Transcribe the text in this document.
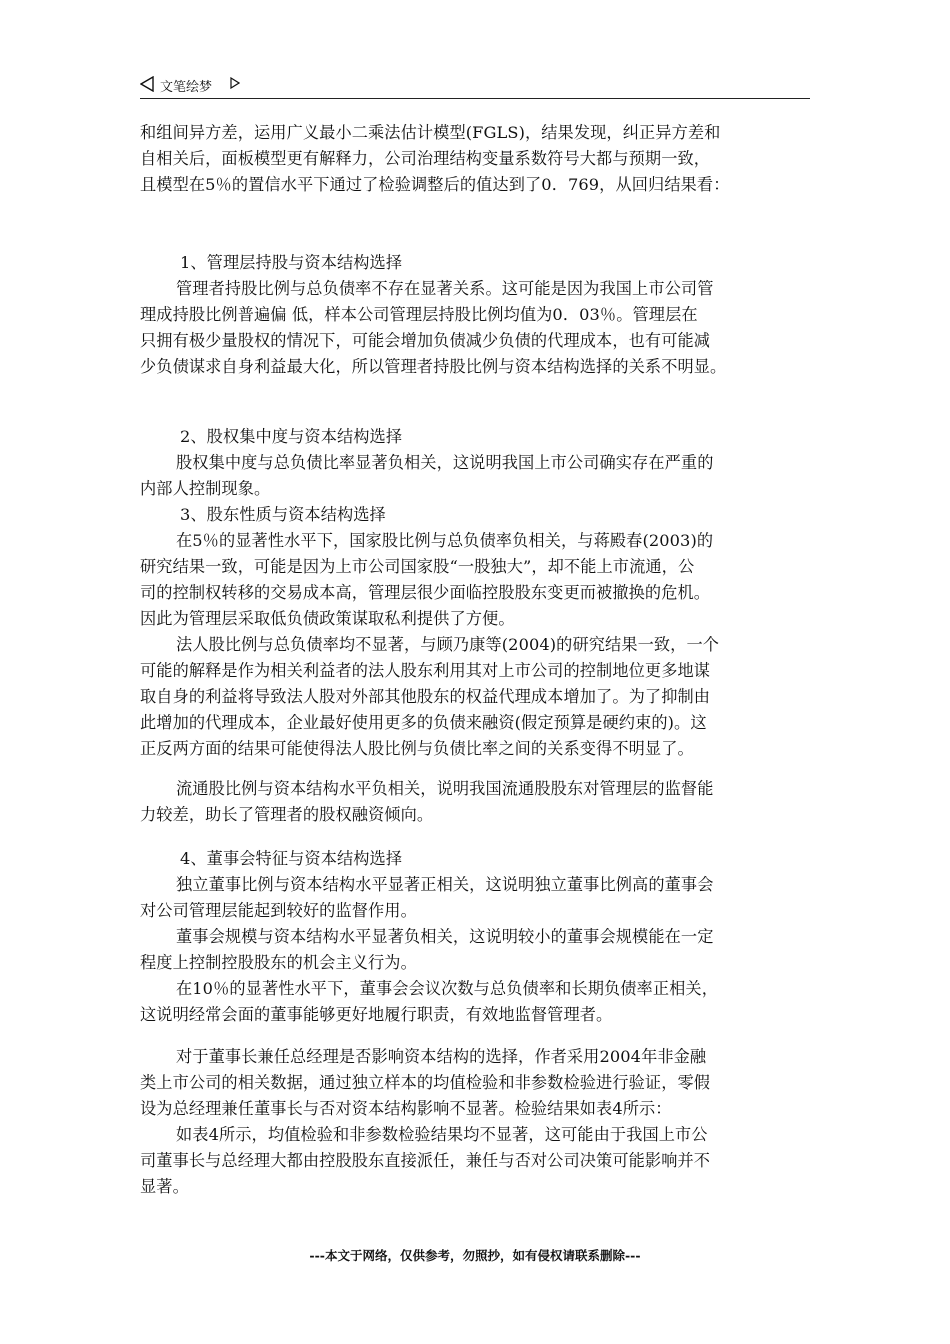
文笔绘梦
和组间异方差，运用广义最小二乘法估计模型(FGLS)，结果发现，纠正异方差和
自相关后，面板模型更有解释力，公司治理结构变量系数符号大都与预期一致，
且模型在5％的置信水平下通过了检验调整后的值达到了0．769，从回归结果看：
1、管理层持股与资本结构选择
管理者持股比例与总负债率不存在显著关系。这可能是因为我国上市公司管
理成持股比例普遍偏 低，样本公司管理层持股比例均值为0．03％。管理层在
只拥有极少量股权的情况下，可能会增加负债减少负债的代理成本，也有可能减
少负债谋求自身利益最大化，所以管理者持股比例与资本结构选择的关系不明显。
2、股权集中度与资本结构选择
股权集中度与总负债比率显著负相关，这说明我国上市公司确实存在严重的
内部人控制现象。
3、股东性质与资本结构选择
在5％的显著性水平下，国家股比例与总负债率负相关，与蒋殿春(2003)的
研究结果一致，可能是因为上市公司国家股“一股独大”，却不能上市流通，公
司的控制权转移的交易成本高，管理层很少面临控股股东变更而被撤换的危机。
因此为管理层采取低负债政策谋取私利提供了方便。
法人股比例与总负债率均不显著，与顾乃康等(2004)的研究结果一致，一个
可能的解释是作为相关利益者的法人股东利用其对上市公司的控制地位更多地谋
取自身的利益将导致法人股对外部其他股东的权益代理成本增加了。为了抑制由
此增加的代理成本，企业最好使用更多的负债来融资(假定预算是硬约束的)。这
正反两方面的结果可能使得法人股比例与负债比率之间的关系变得不明显了。
流通股比例与资本结构水平负相关，说明我国流通股股东对管理层的监督能
力较差，助长了管理者的股权融资倾向。
4、董事会特征与资本结构选择
独立董事比例与资本结构水平显著正相关，这说明独立董事比例高的董事会
对公司管理层能起到较好的监督作用。
董事会规模与资本结构水平显著负相关，这说明较小的董事会规模能在一定
程度上控制控股股东的机会主义行为。
在10％的显著性水平下，董事会会议次数与总负债率和长期负债率正相关，
这说明经常会面的董事能够更好地履行职责，有效地监督管理者。
对于董事长兼任总经理是否影响资本结构的选择，作者采用2004年非金融
类上市公司的相关数据，通过独立样本的均值检验和非参数检验进行验证，零假
设为总经理兼任董事长与否对资本结构影响不显著。检验结果如表4所示：
如表4所示，均值检验和非参数检验结果均不显著，这可能由于我国上市公
司董事长与总经理大都由控股股东直接派任，兼任与否对公司决策可能影响并不
显著。
---本文于网络，仅供参考，勿照抄，如有侵权请联系删除---
